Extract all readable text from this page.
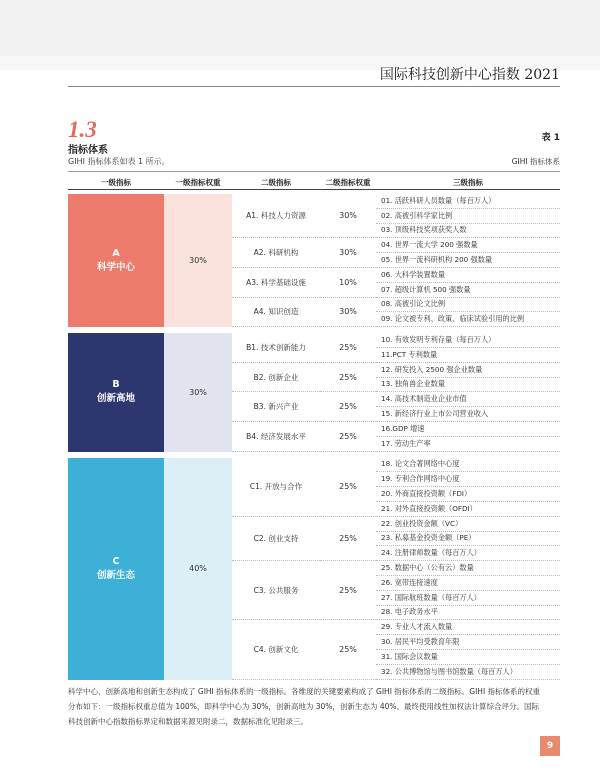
国际科技创新中心指数 2021
1.3
指标体系
GIHI 指标体系如表 1 所示。
表 1
GIHI 指标体系
一级指标	一级指标权重	二级指标	二级指标权重	三级指标
A
科学中心
30%
A1. 科技人力资源	30%
01. 活跃科研人员数量（每百万人）
02. 高被引科学家比例
03. 顶级科技奖项获奖人数
A2. 科研机构	30%
04. 世界一流大学 200 强数量
05. 世界一流科研机构 200 强数量
A3. 科学基础设施	10%
06. 大科学装置数量
07. 超级计算机 500 强数量
A4. 知识创造	30%
08. 高被引论文比例
09. 论文被专利、政策、临床试验引用的比例
B
创新高地
30%
B1. 技术创新能力	25%
10. 有效发明专利存量（每百万人）
11.PCT 专利数量
B2. 创新企业	25%
12. 研发投入 2500 强企业数量
13. 独角兽企业数量
B3. 新兴产业	25%
14. 高技术制造业企业市值
15. 新经济行业上市公司营业收入
B4. 经济发展水平	25%
16.GDP 增速
17. 劳动生产率
C
创新生态
40%
C1. 开放与合作	25%
18. 论文合著网络中心度
19. 专利合作网络中心度
20. 外商直接投资额（FDI）
21. 对外直接投资额（OFDI）
C2. 创业支持	25%
22. 创业投资金额（VC）
23. 私募基金投资金额（PE）
24. 注册律师数量（每百万人）
C3. 公共服务	25%
25. 数据中心（公有云）数量
26. 宽带连接速度
27. 国际航班数量（每百万人）
28. 电子政务水平
C4. 创新文化	25%
29. 专业人才流入数量
30. 居民平均受教育年限
31. 国际会议数量
32. 公共博物馆与图书馆数量（每百万人）
科学中心、创新高地和创新生态构成了 GIHI 指标体系的一级指标。各维度的关键要素构成了 GIHI 指标体系的二级指标。GIHI 指标体系的权重
分布如下：一级指标权重总值为 100%，即科学中心为 30%，创新高地为 30%，创新生态为 40%。最终使用线性加权法计算综合评分。国际
科技创新中心指数指标界定和数据来源见附录二，数据标准化见附录三。
9
